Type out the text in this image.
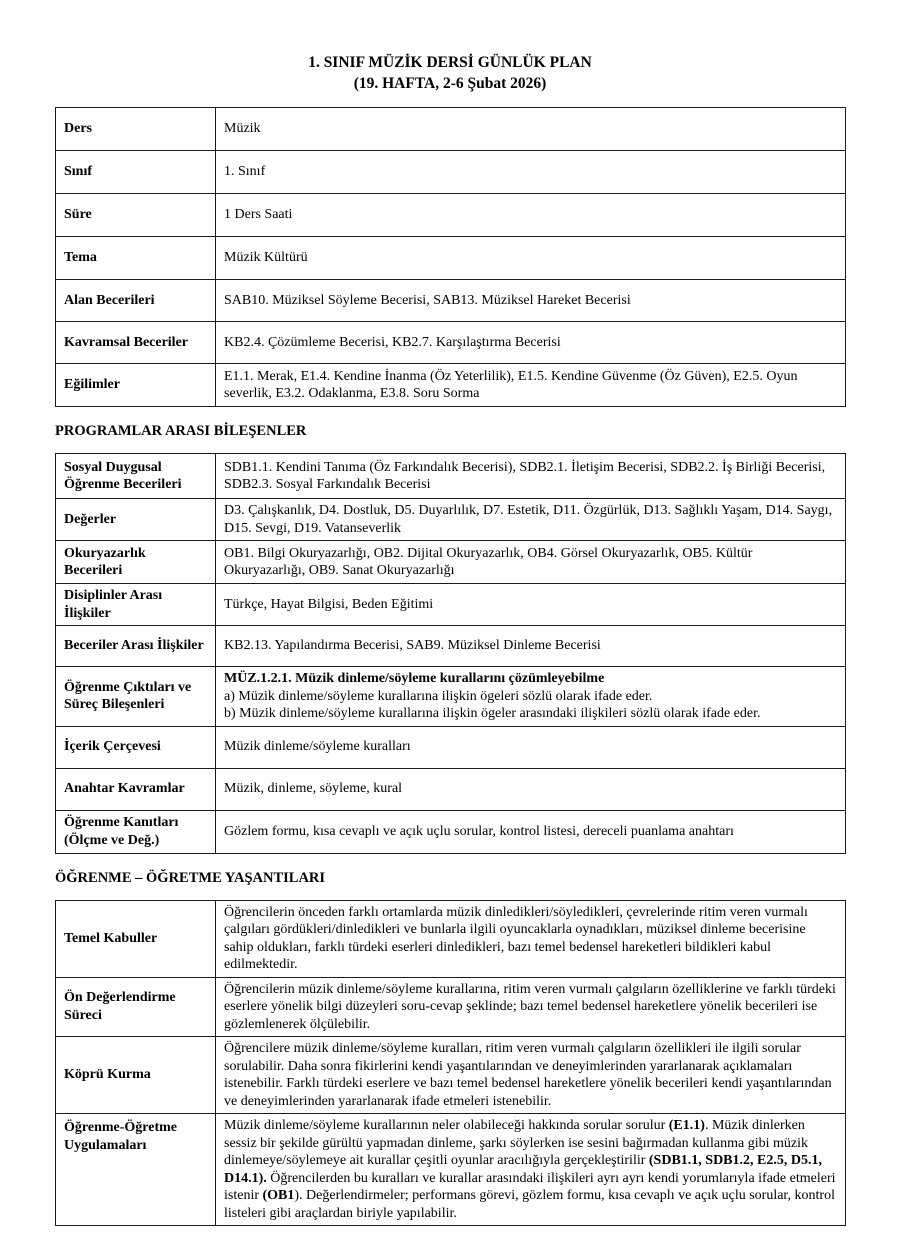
1. SINIF MÜZİK DERSİ GÜNLÜK PLAN
(19. HAFTA, 2-6 Şubat 2026)
Ders	Müzik
Sınıf	1. Sınıf
Süre	1 Ders Saati
Tema	Müzik Kültürü
Alan Becerileri	SAB10. Müziksel Söyleme Becerisi, SAB13. Müziksel Hareket Becerisi
Kavramsal Beceriler	KB2.4. Çözümleme Becerisi, KB2.7. Karşılaştırma Becerisi
Eğilimler	E1.1. Merak, E1.4. Kendine İnanma (Öz Yeterlilik), E1.5. Kendine Güvenme (Öz Güven), E2.5. Oyun severlik, E3.2. Odaklanma, E3.8. Soru Sorma
PROGRAMLAR ARASI BİLEŞENLER
Sosyal Duygusal Öğrenme Becerileri	SDB1.1. Kendini Tanıma (Öz Farkındalık Becerisi), SDB2.1. İletişim Becerisi, SDB2.2. İş Birliği Becerisi, SDB2.3. Sosyal Farkındalık Becerisi
Değerler	D3. Çalışkanlık, D4. Dostluk, D5. Duyarlılık, D7. Estetik, D11. Özgürlük, D13. Sağlıklı Yaşam, D14. Saygı, D15. Sevgi, D19. Vatanseverlik
Okuryazarlık Becerileri	OB1. Bilgi Okuryazarlığı, OB2. Dijital Okuryazarlık, OB4. Görsel Okuryazarlık, OB5. Kültür Okuryazarlığı, OB9. Sanat Okuryazarlığı
Disiplinler Arası İlişkiler	Türkçe, Hayat Bilgisi, Beden Eğitimi
Beceriler Arası İlişkiler	KB2.13. Yapılandırma Becerisi, SAB9. Müziksel Dinleme Becerisi
Öğrenme Çıktıları ve Süreç Bileşenleri	MÜZ.1.2.1. Müzik dinleme/söyleme kurallarını çözümleyebilme
a) Müzik dinleme/söyleme kurallarına ilişkin ögeleri sözlü olarak ifade eder.
b) Müzik dinleme/söyleme kurallarına ilişkin ögeler arasındaki ilişkileri sözlü olarak ifade eder.

İçerik Çerçevesi	Müzik dinleme/söyleme kuralları
Anahtar Kavramlar	Müzik, dinleme, söyleme, kural
Öğrenme Kanıtları (Ölçme ve Değ.)	Gözlem formu, kısa cevaplı ve açık uçlu sorular, kontrol listesi, dereceli puanlama anahtarı
ÖĞRENME – ÖĞRETME YAŞANTILARI
Temel Kabuller	Öğrencilerin önceden farklı ortamlarda müzik dinledikleri/söyledikleri, çevrelerinde ritim veren vurmalı çalgıları gördükleri/dinledikleri ve bunlarla ilgili oyuncaklarla oynadıkları, müziksel dinleme becerisine sahip oldukları, farklı türdeki eserleri dinledikleri, bazı temel bedensel hareketleri bildikleri kabul edilmektedir.
Ön Değerlendirme Süreci	Öğrencilerin müzik dinleme/söyleme kurallarına, ritim veren vurmalı çalgıların özelliklerine ve farklı türdeki eserlere yönelik bilgi düzeyleri soru-cevap şeklinde; bazı temel bedensel hareketlere yönelik becerileri ise gözlemlenerek ölçülebilir.
Köprü Kurma	Öğrencilere müzik dinleme/söyleme kuralları, ritim veren vurmalı çalgıların özellikleri ile ilgili sorular sorulabilir. Daha sonra fikirlerini kendi yaşantılarından ve deneyimlerinden yararlanarak açıklamaları istenebilir. Farklı türdeki eserlere ve bazı temel bedensel hareketlere yönelik becerileri kendi yaşantılarından ve deneyimlerinden yararlanarak ifade etmeleri istenebilir.
Öğrenme-Öğretme Uygulamaları	Müzik dinleme/söyleme kurallarının neler olabileceği hakkında sorular sorulur (E1.1). Müzik dinlerken sessiz bir şekilde gürültü yapmadan dinleme, şarkı söylerken ise sesini bağırmadan kullanma gibi müzik dinlemeye/söylemeye ait kurallar çeşitli oyunlar aracılığıyla gerçekleştirilir (SDB1.1, SDB1.2, E2.5, D5.1, D14.1). Öğrencilerden bu kuralları ve kurallar arasındaki ilişkileri ayrı ayrı kendi yorumlarıyla ifade etmeleri istenir (OB1). Değerlendirmeler; performans görevi, gözlem formu, kısa cevaplı ve açık uçlu sorular, kontrol listeleri gibi araçlardan biriyle yapılabilir.
